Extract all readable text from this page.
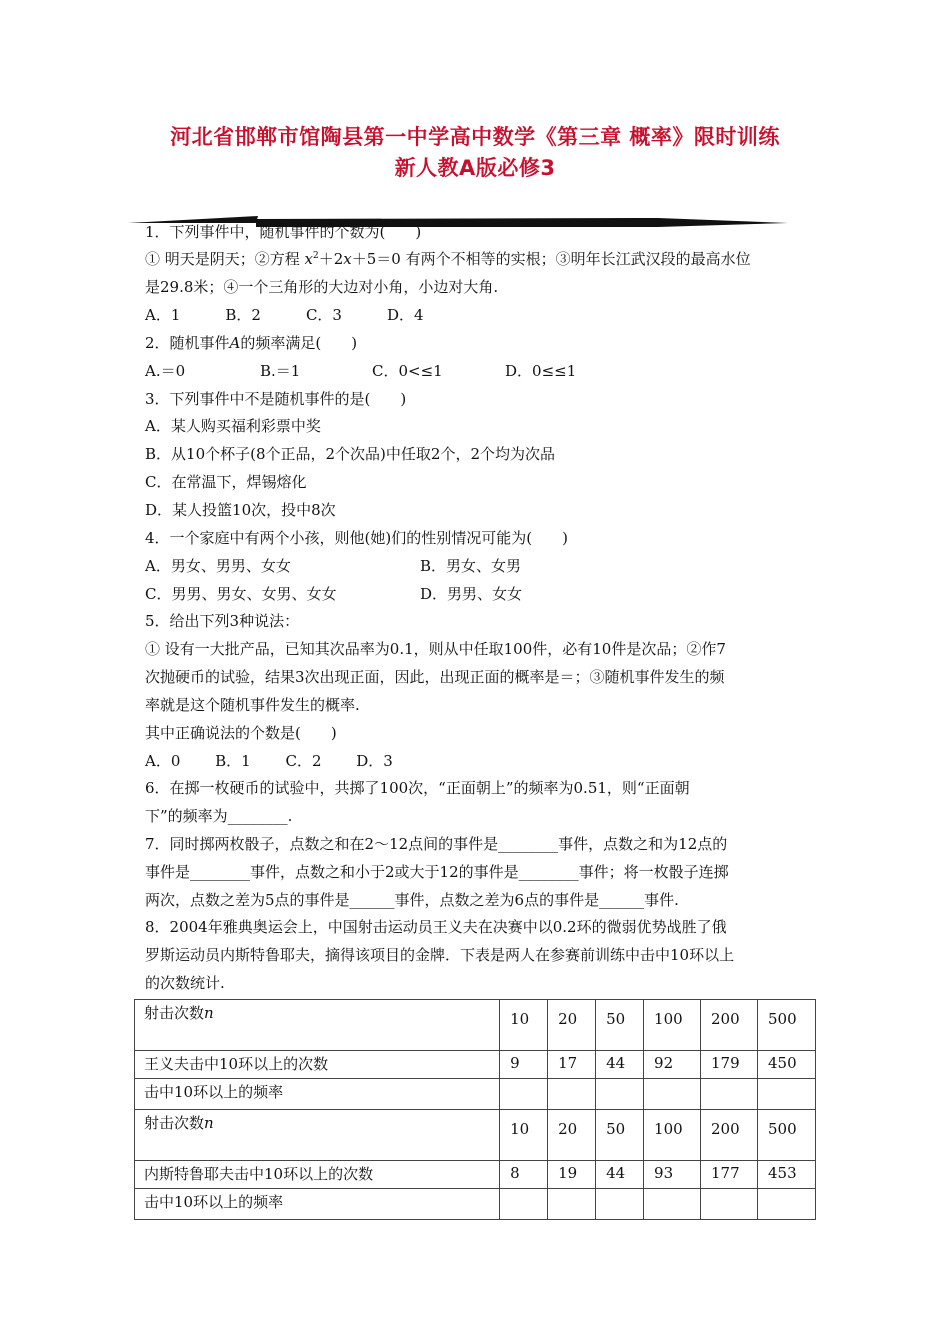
河北省邯郸市馆陶县第一中学高中数学《第三章 概率》限时训练
新人教A版必修3
1．下列事件中，随机事件的个数为(　　)
① 明天是阴天；②方程 $x^2+2x+5=0$ 有两个不相等的实根；③明年长江武汉段的最高水位
是29.8米；④一个三角形的大边对小角，小边对大角.
A．1　　　B．2　　　C．3　　　D．4
2．随机事件A的频率满足(　　)
A.＝0	B.＝1	C．0<≤1	D．0≤≤1
3．下列事件中不是随机事件的是(　　)
A．某人购买福利彩票中奖
B．从10个杯子(8个正品，2个次品)中任取2个，2个均为次品
C．在常温下，焊锡熔化
D．某人投篮10次，投中8次
4．一个家庭中有两个小孩，则他(她)们的性别情况可能为(　　)
A．男女、男男、女女	B．男女、女男
C．男男、男女、女男、女女	D．男男、女女
5．给出下列3种说法：
① 设有一大批产品，已知其次品率为0.1，则从中任取100件，必有10件是次品；②作7
次抛硬币的试验，结果3次出现正面，因此，出现正面的概率是＝；③随机事件发生的频
率就是这个随机事件发生的概率.
其中正确说法的个数是(　　)
A．0　　 B．1　　 C．2　　 D．3
6．在掷一枚硬币的试验中，共掷了100次，“正面朝上”的频率为0.51，则“正面朝
下”的频率为________.
7．同时掷两枚骰子，点数之和在2～12点间的事件是________事件，点数之和为12点的
事件是________事件，点数之和小于2或大于12的事件是________事件；将一枚骰子连掷
两次，点数之差为5点的事件是______事件，点数之差为6点的事件是______事件.
8．2004年雅典奥运会上，中国射击运动员王义夫在决赛中以0.2环的微弱优势战胜了俄
罗斯运动员内斯特鲁耶夫，摘得该项目的金牌．下表是两人在参赛前训练中击中10环以上
的次数统计.
射击次数n	10	20	50	100	200	500
王义夫击中10环以上的次数	9	17	44	92	179	450
击中10环以上的频率						
射击次数n	10	20	50	100	200	500
内斯特鲁耶夫击中10环以上的次数	8	19	44	93	177	453
击中10环以上的频率						
